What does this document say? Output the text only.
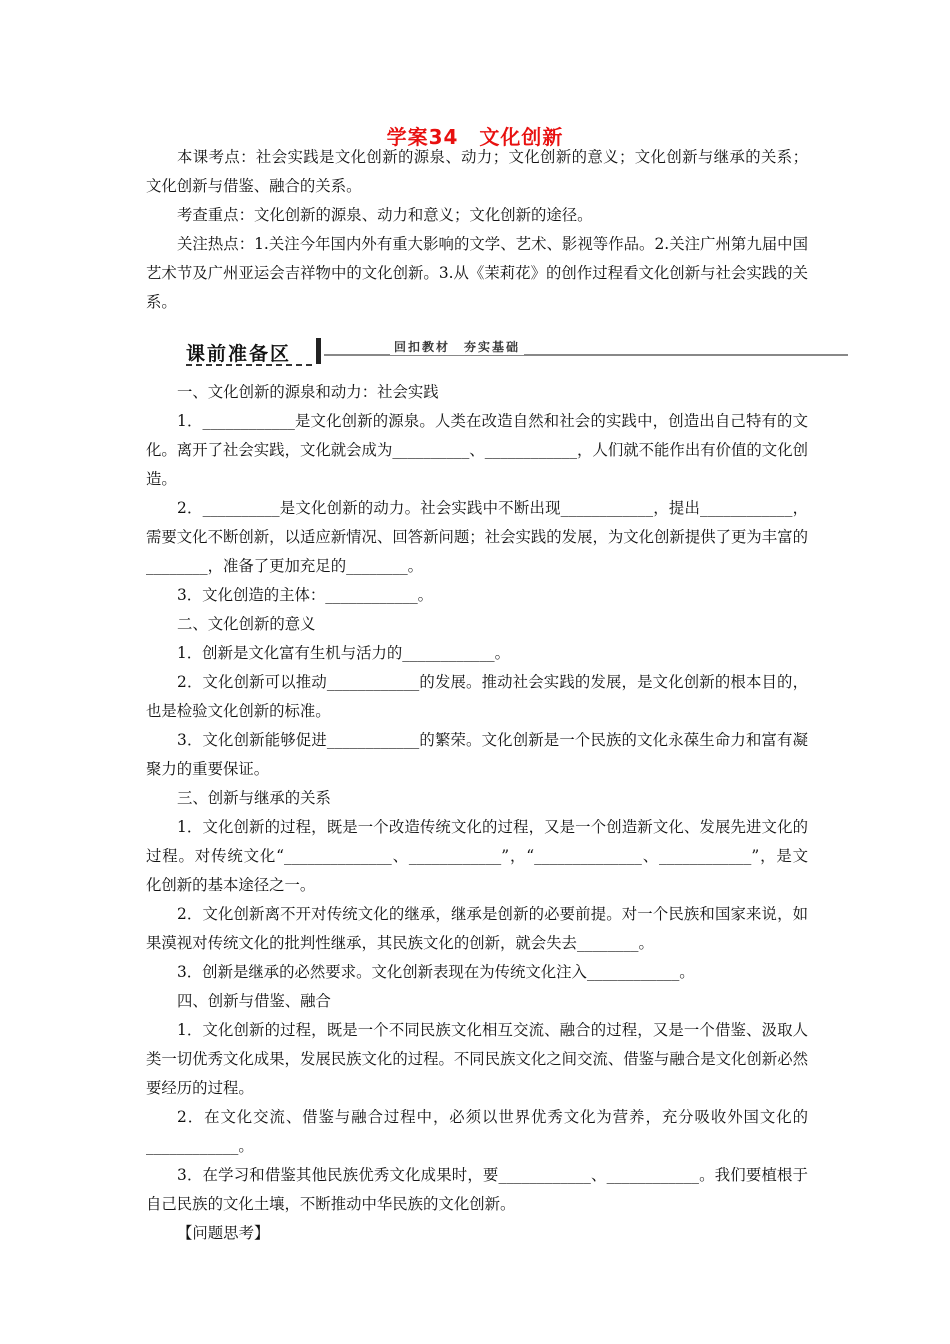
学案34　文化创新

本课考点：社会实践是文化创新的源泉、动力；文化创新的意义；文化创新与继承的关系；文化创新与借鉴、融合的关系。

考查重点：文化创新的源泉、动力和意义；文化创新的途径。

关注热点：1.关注今年国内外有重大影响的文学、艺术、影视等作品。2.关注广州第九届中国艺术节及广州亚运会吉祥物中的文化创新。3.从《茉莉花》的创作过程看文化创新与社会实践的关系。

课前准备区	回扣教材　夯实基础

一、文化创新的源泉和动力：社会实践

1．____________是文化创新的源泉。人类在改造自然和社会的实践中，创造出自己特有的文化。离开了社会实践，文化就会成为__________、____________，人们就不能作出有价值的文化创造。

2．__________是文化创新的动力。社会实践中不断出现____________，提出____________，需要文化不断创新，以适应新情况、回答新问题；社会实践的发展，为文化创新提供了更为丰富的________，准备了更加充足的________。

3．文化创造的主体：____________。

二、文化创新的意义

1．创新是文化富有生机与活力的____________。

2．文化创新可以推动____________的发展。推动社会实践的发展，是文化创新的根本目的，也是检验文化创新的标准。

3．文化创新能够促进____________的繁荣。文化创新是一个民族的文化永葆生命力和富有凝聚力的重要保证。

三、创新与继承的关系

1．文化创新的过程，既是一个改造传统文化的过程，又是一个创造新文化、发展先进文化的过程。对传统文化“______________、____________”，“______________、____________”，是文化创新的基本途径之一。

2．文化创新离不开对传统文化的继承，继承是创新的必要前提。对一个民族和国家来说，如果漠视对传统文化的批判性继承，其民族文化的创新，就会失去________。

3．创新是继承的必然要求。文化创新表现在为传统文化注入____________。

四、创新与借鉴、融合

1．文化创新的过程，既是一个不同民族文化相互交流、融合的过程，又是一个借鉴、汲取人类一切优秀文化成果，发展民族文化的过程。不同民族文化之间交流、借鉴与融合是文化创新必然要经历的过程。

2．在文化交流、借鉴与融合过程中，必须以世界优秀文化为营养，充分吸收外国文化的____________。

3．在学习和借鉴其他民族优秀文化成果时，要____________、____________。我们要植根于自己民族的文化土壤，不断推动中华民族的文化创新。

【问题思考】
